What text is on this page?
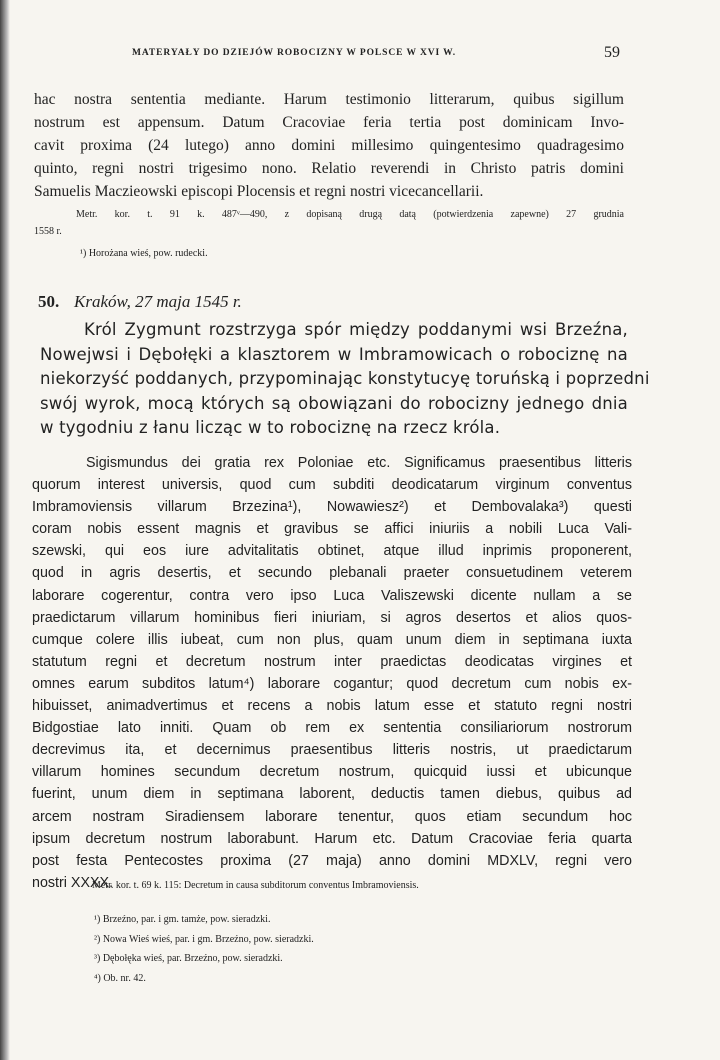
MATERYAŁY DO DZIEJÓW ROBOCIZNY W POLSCE W XVI W.	59
hac nostra sententia mediante. Harum testimonio litterarum, quibus sigillum
nostrum est appensum. Datum Cracoviae feria tertia post dominicam Invo-
cavit proxima (24 lutego) anno domini millesimo quingentesimo quadragesimo
quinto, regni nostri trigesimo nono. Relatio reverendi in Christo patris domini
Samuelis Maczieowski episcopi Plocensis et regni nostri vicecancellarii.
Metr. kor. t. 91 k. 487ᵛ—490, z dopisaną drugą datą (potwierdzenia zapewne) 27 grudnia
1558 r.
¹) Horożana wieś, pow. rudecki.
50. Kraków, 27 maja 1545 r.
Król Zygmunt rozstrzyga spór między poddanymi wsi Brzeźna,
Nowejwsi i Dębołęki a klasztorem w Imbramowicach o robociznę na
niekorzyść poddanych, przypominając konstytucyę toruńską i poprzedni
swój wyrok, mocą których są obowiązani do robocizny jednego dnia
w tygodniu z łanu licząc w to robociznę na rzecz króla.
Sigismundus dei gratia rex Poloniae etc. Significamus praesentibus litteris
quorum interest universis, quod cum subditi deodicatarum virginum conventus
Imbramoviensis villarum Brzezina¹), Nowawiesz²) et Dembovalaka³) questi
coram nobis essent magnis et gravibus se affici iniuriis a nobili Luca Vali-
szewski, qui eos iure advitalitatis obtinet, atque illud inprimis proponerent,
quod in agris desertis, et secundo plebanali praeter consuetudinem veterem
laborare cogerentur, contra vero ipso Luca Valiszewski dicente nullam a se
praedictarum villarum hominibus fieri iniuriam, si agros desertos et alios quos-
cumque colere illis iubeat, cum non plus, quam unum diem in septimana iuxta
statutum regni et decretum nostrum inter praedictas deodicatas virgines et
omnes earum subditos latum⁴) laborare cogantur; quod decretum cum nobis ex-
hibuisset, animadvertimus et recens a nobis latum esse et statuto regni nostri
Bidgostiae lato inniti. Quam ob rem ex sententia consiliariorum nostrorum
decrevimus ita, et decernimus praesentibus litteris nostris, ut praedictarum
villarum homines secundum decretum nostrum, quicquid iussi et ubicunque
fuerint, unum diem in septimana laborent, deductis tamen diebus, quibus ad
arcem nostram Siradiensem laborare tenentur, quos etiam secundum hoc
ipsum decretum nostrum laborabunt. Harum etc. Datum Cracoviae feria quarta
post festa Pentecostes proxima (27 maja) anno domini MDXLV, regni vero
nostri XXXX.
Metr. kor. t. 69 k. 115: Decretum in causa subditorum conventus Imbramoviensis.
¹) Brzeźno, par. i gm. tamże, pow. sieradzki.
²) Nowa Wieś wieś, par. i gm. Brzeźno, pow. sieradzki.
³) Dębołęka wieś, par. Brzeźno, pow. sieradzki.
⁴) Ob. nr. 42.
